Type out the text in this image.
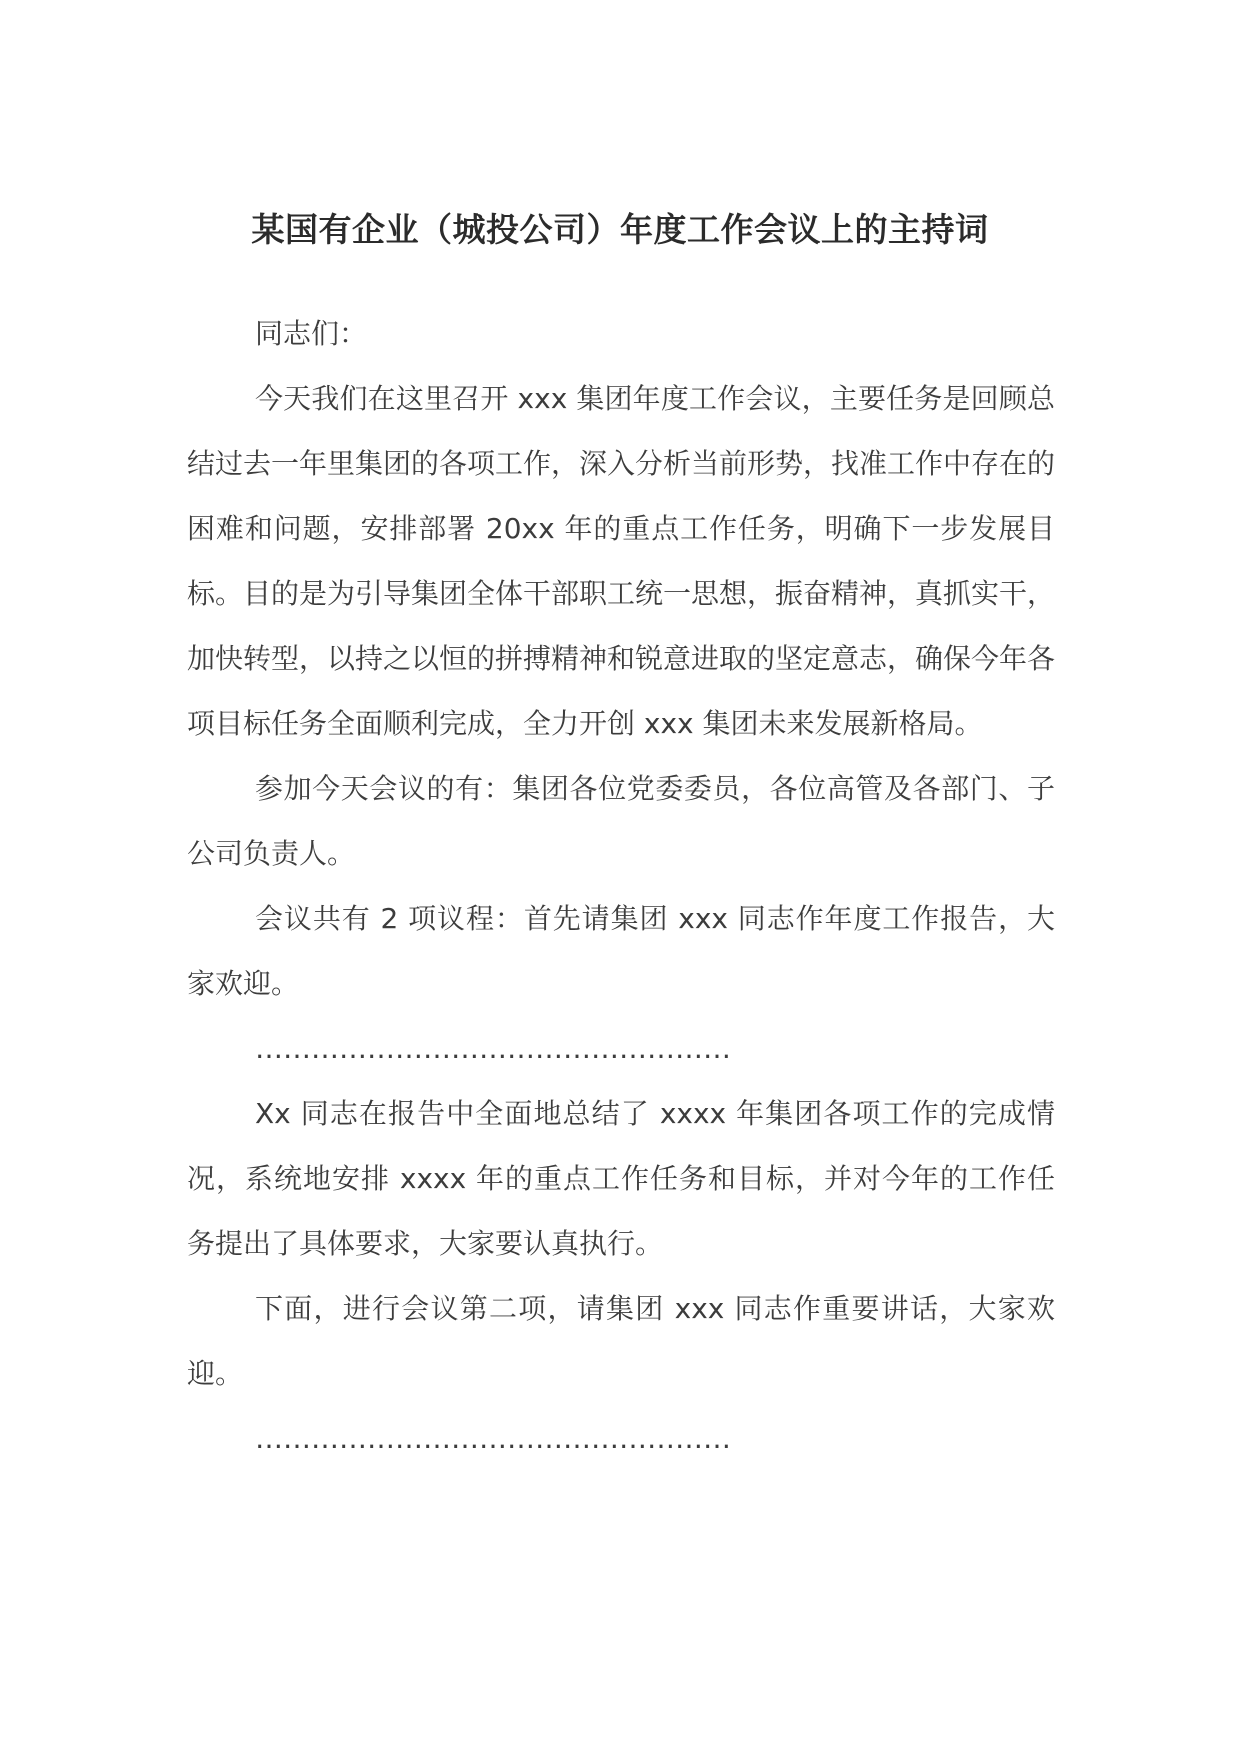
某国有企业（城投公司）年度工作会议上的主持词

同志们：

今天我们在这里召开 xxx 集团年度工作会议，主要任务是回顾总结过去一年里集团的各项工作，深入分析当前形势，找准工作中存在的困难和问题，安排部署 20xx 年的重点工作任务，明确下一步发展目标。目的是为引导集团全体干部职工统一思想，振奋精神，真抓实干，加快转型，以持之以恒的拼搏精神和锐意进取的坚定意志，确保今年各项目标任务全面顺利完成，全力开创 xxx 集团未来发展新格局。

参加今天会议的有：集团各位党委委员，各位高管及各部门、子公司负责人。

会议共有 2 项议程：首先请集团 xxx 同志作年度工作报告，大家欢迎。

……………………………………………

Xx 同志在报告中全面地总结了 xxxx 年集团各项工作的完成情况，系统地安排 xxxx 年的重点工作任务和目标，并对今年的工作任务提出了具体要求，大家要认真执行。

下面，进行会议第二项，请集团 xxx 同志作重要讲话，大家欢迎。

……………………………………………
